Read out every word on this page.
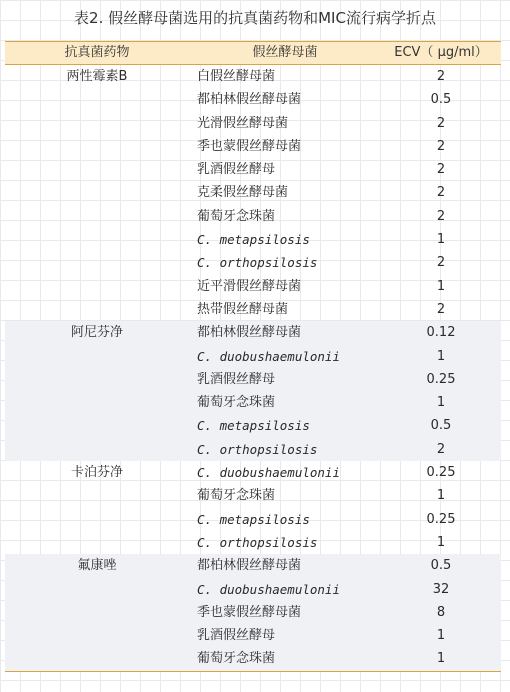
表2. 假丝酵母菌选用的抗真菌药物和MIC流行病学折点
抗真菌药物	假丝酵母菌	ECV（ μg/ml）
两性霉素B	白假丝酵母菌	2
都柏林假丝酵母菌	0.5
光滑假丝酵母菌	2
季也蒙假丝酵母菌	2
乳酒假丝酵母	2
克柔假丝酵母菌	2
葡萄牙念珠菌	2
C. metapsilosis	1
C. orthopsilosis	2
近平滑假丝酵母菌	1
热带假丝酵母菌	2
阿尼芬净	都柏林假丝酵母菌	0.12
C. duobushaemulonii	1
乳酒假丝酵母	0.25
葡萄牙念珠菌	1
C. metapsilosis	0.5
C. orthopsilosis	2
卡泊芬净	C. duobushaemulonii	0.25
葡萄牙念珠菌	1
C. metapsilosis	0.25
C. orthopsilosis	1
氟康唑	都柏林假丝酵母菌	0.5
C. duobushaemulonii	32
季也蒙假丝酵母菌	8
乳酒假丝酵母	1
葡萄牙念珠菌	1
